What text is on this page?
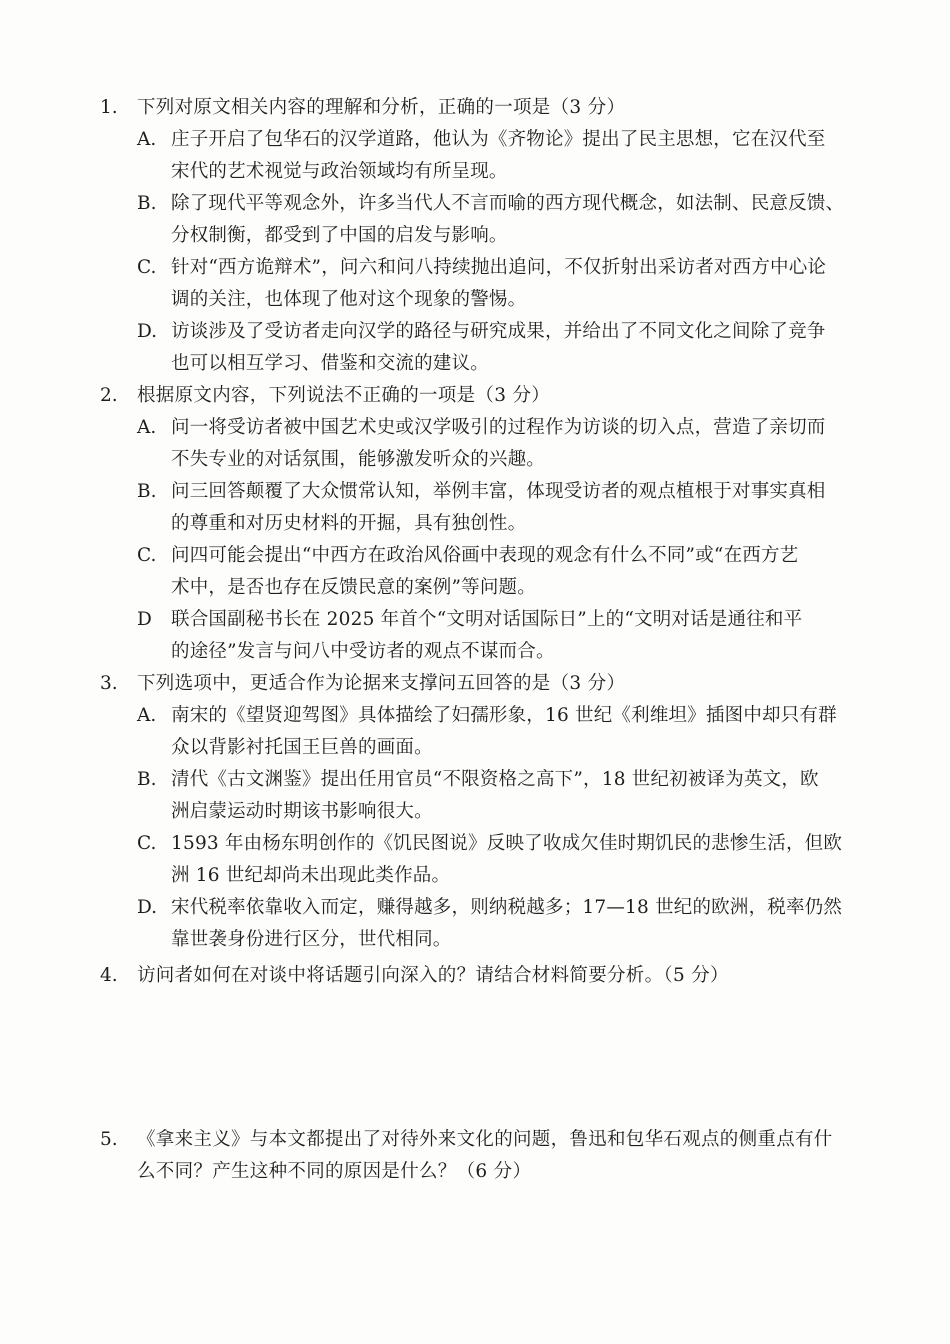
1.	下列对原文相关内容的理解和分析，正确的一项是（3 分）
A. 庄子开启了包华石的汉学道路，他认为《齐物论》提出了民主思想，它在汉代至
宋代的艺术视觉与政治领域均有所呈现。
B. 除了现代平等观念外，许多当代人不言而喻的西方现代概念，如法制、民意反馈、
分权制衡，都受到了中国的启发与影响。
C. 针对“西方诡辩术”，问六和问八持续抛出追问，不仅折射出采访者对西方中心论
调的关注，也体现了他对这个现象的警惕。
D. 访谈涉及了受访者走向汉学的路径与研究成果，并给出了不同文化之间除了竞争
也可以相互学习、借鉴和交流的建议。
2.	根据原文内容，下列说法不正确的一项是（3 分）
A. 问一将受访者被中国艺术史或汉学吸引的过程作为访谈的切入点，营造了亲切而
不失专业的对话氛围，能够激发听众的兴趣。
B. 问三回答颠覆了大众惯常认知，举例丰富，体现受访者的观点植根于对事实真相
的尊重和对历史材料的开掘，具有独创性。
C. 问四可能会提出“中西方在政治风俗画中表现的观念有什么不同”或“在西方艺
术中，是否也存在反馈民意的案例”等问题。
D 联合国副秘书长在 2025 年首个“文明对话国际日”上的“文明对话是通往和平
的途径”发言与问八中受访者的观点不谋而合。
3.	下列选项中，更适合作为论据来支撑问五回答的是（3 分）
A. 南宋的《望贤迎驾图》具体描绘了妇孺形象，16 世纪《利维坦》插图中却只有群
众以背影衬托国王巨兽的画面。
B. 清代《古文渊鉴》提出任用官员“不限资格之高下”，18 世纪初被译为英文，欧
洲启蒙运动时期该书影响很大。
C. 1593 年由杨东明创作的《饥民图说》反映了收成欠佳时期饥民的悲惨生活，但欧
洲 16 世纪却尚未出现此类作品。
D. 宋代税率依靠收入而定，赚得越多，则纳税越多；17—18 世纪的欧洲，税率仍然
靠世袭身份进行区分，世代相同。
4.	访问者如何在对谈中将话题引向深入的？请结合材料简要分析。（5 分）
5.	《拿来主义》与本文都提出了对待外来文化的问题，鲁迅和包华石观点的侧重点有什
么不同？产生这种不同的原因是什么？（6 分）
